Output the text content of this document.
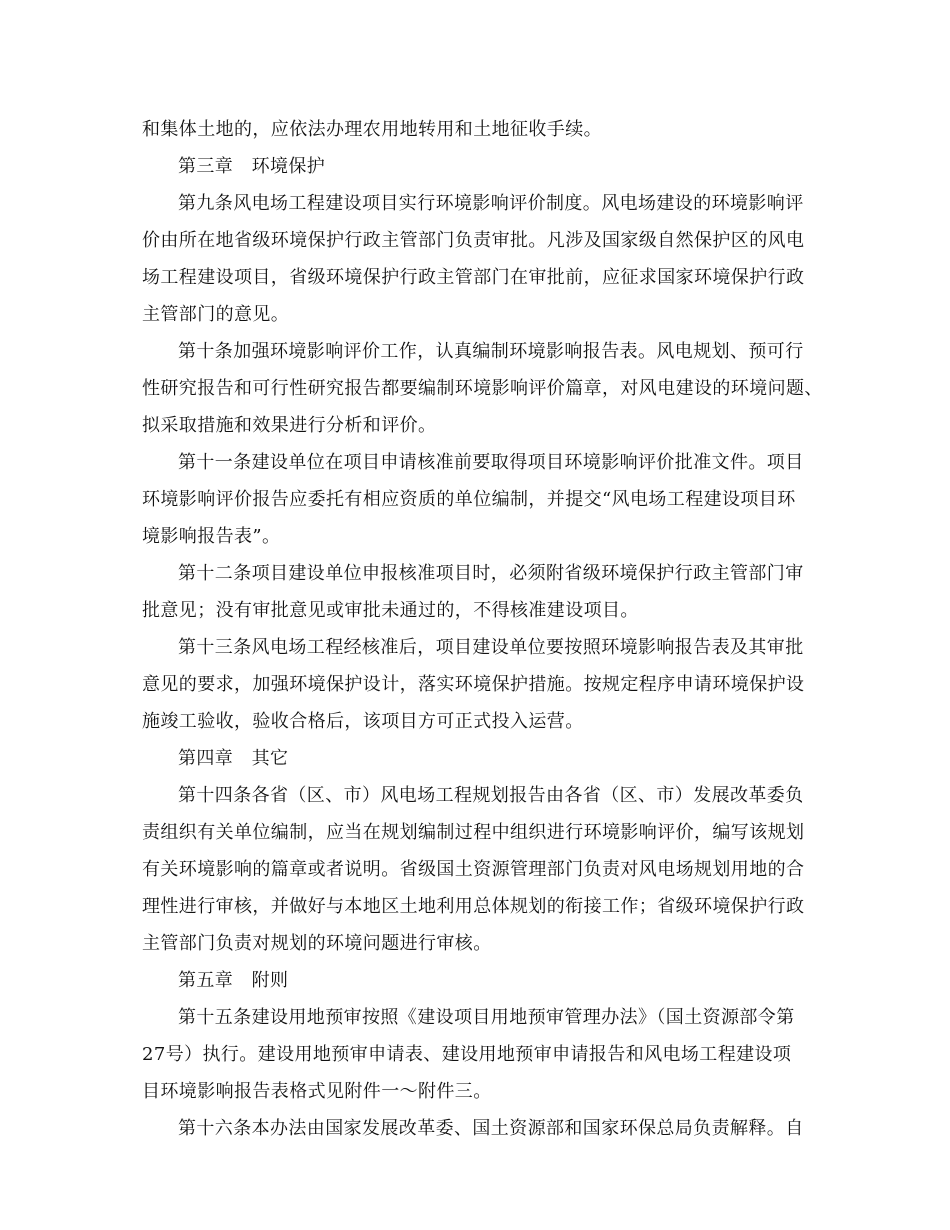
和集体土地的，应依法办理农用地转用和土地征收手续。
第三章　环境保护
第九条风电场工程建设项目实行环境影响评价制度。风电场建设的环境影响评
价由所在地省级环境保护行政主管部门负责审批。凡涉及国家级自然保护区的风电
场工程建设项目，省级环境保护行政主管部门在审批前，应征求国家环境保护行政
主管部门的意见。
第十条加强环境影响评价工作，认真编制环境影响报告表。风电规划、预可行
性研究报告和可行性研究报告都要编制环境影响评价篇章，对风电建设的环境问题、
拟采取措施和效果进行分析和评价。
第十一条建设单位在项目申请核准前要取得项目环境影响评价批准文件。项目
环境影响评价报告应委托有相应资质的单位编制，并提交“风电场工程建设项目环
境影响报告表”。
第十二条项目建设单位申报核准项目时，必须附省级环境保护行政主管部门审
批意见；没有审批意见或审批未通过的，不得核准建设项目。
第十三条风电场工程经核准后，项目建设单位要按照环境影响报告表及其审批
意见的要求，加强环境保护设计，落实环境保护措施。按规定程序申请环境保护设
施竣工验收，验收合格后，该项目方可正式投入运营。
第四章　其它
第十四条各省（区、市）风电场工程规划报告由各省（区、市）发展改革委负
责组织有关单位编制，应当在规划编制过程中组织进行环境影响评价，编写该规划
有关环境影响的篇章或者说明。省级国土资源管理部门负责对风电场规划用地的合
理性进行审核，并做好与本地区土地利用总体规划的衔接工作；省级环境保护行政
主管部门负责对规划的环境问题进行审核。
第五章　附则
第十五条建设用地预审按照《建设项目用地预审管理办法》（国土资源部令第
27号）执行。建设用地预审申请表、建设用地预审申请报告和风电场工程建设项
目环境影响报告表格式见附件一～附件三。
第十六条本办法由国家发展改革委、国土资源部和国家环保总局负责解释。自
